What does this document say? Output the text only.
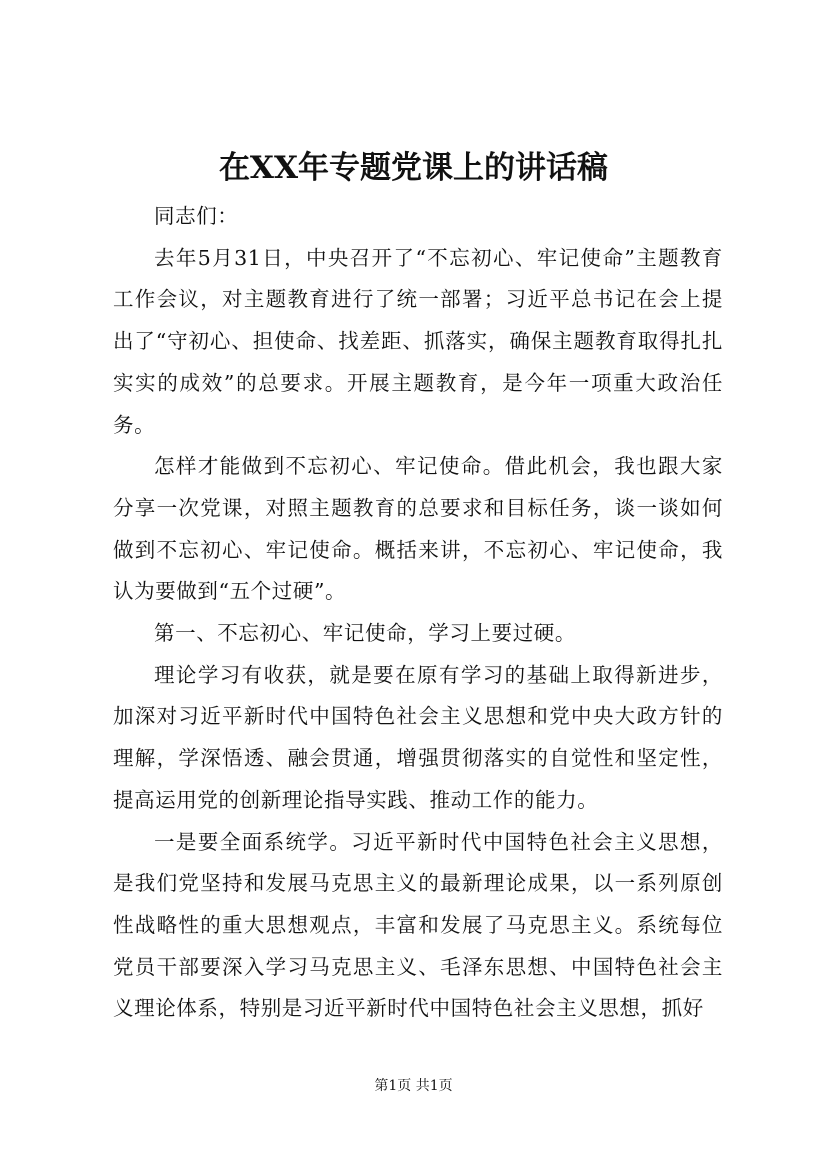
在XX年专题党课上的讲话稿

同志们：

去年5月31日，中央召开了“不忘初心、牢记使命”主题教育工作会议，对主题教育进行了统一部署；习近平总书记在会上提出了“守初心、担使命、找差距、抓落实，确保主题教育取得扎扎实实的成效”的总要求。开展主题教育，是今年一项重大政治任务。

怎样才能做到不忘初心、牢记使命。借此机会，我也跟大家分享一次党课，对照主题教育的总要求和目标任务，谈一谈如何做到不忘初心、牢记使命。概括来讲，不忘初心、牢记使命，我认为要做到“五个过硬”。

第一、不忘初心、牢记使命，学习上要过硬。

理论学习有收获，就是要在原有学习的基础上取得新进步，加深对习近平新时代中国特色社会主义思想和党中央大政方针的理解，学深悟透、融会贯通，增强贯彻落实的自觉性和坚定性，提高运用党的创新理论指导实践、推动工作的能力。

一是要全面系统学。习近平新时代中国特色社会主义思想，是我们党坚持和发展马克思主义的最新理论成果，以一系列原创性战略性的重大思想观点，丰富和发展了马克思主义。系统每位党员干部要深入学习马克思主义、毛泽东思想、中国特色社会主义理论体系，特别是习近平新时代中国特色社会主义思想，抓好

第1页 共1页
